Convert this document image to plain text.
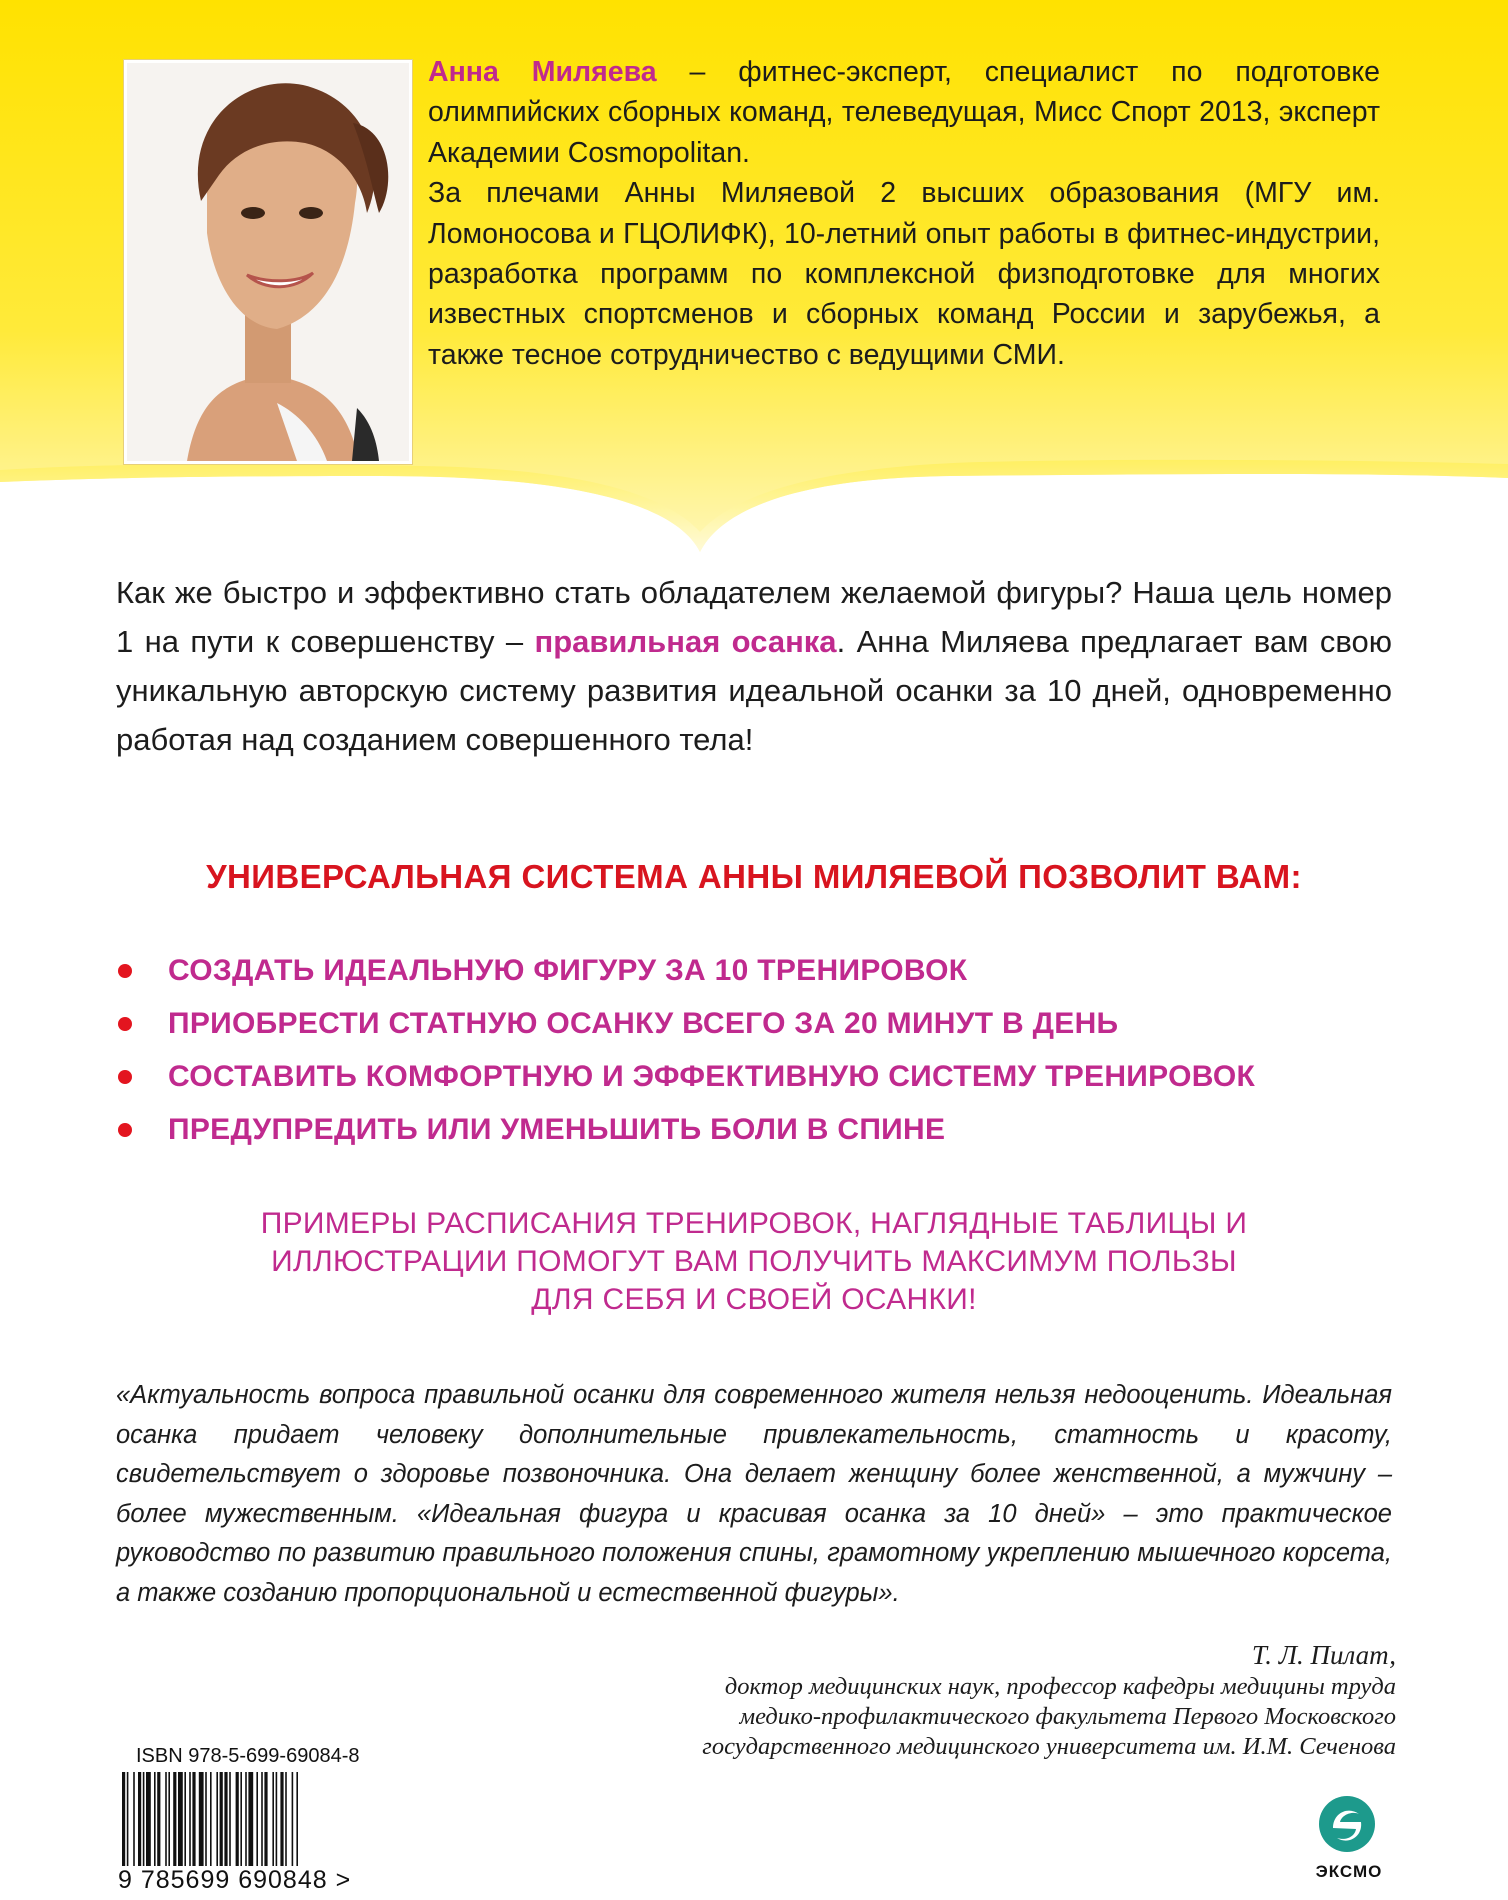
Анна Миляева – фитнес-эксперт, специалист по подготовке олимпийских сборных команд, телеведущая, Мисс Спорт 2013, эксперт Академии Cosmopolitan.

За плечами Анны Миляевой 2 высших образования (МГУ им. Ломоносова и ГЦОЛИФК), 10-летний опыт работы в фитнес-индустрии, разработка программ по комплексной физподготовке для многих известных спортсменов и сборных команд России и зарубежья, а также тесное сотрудничество с ведущими СМИ.

Как же быстро и эффективно стать обладателем желаемой фигуры? Наша цель номер 1 на пути к совершенству – правильная осанка. Анна Миляева предлагает вам свою уникальную авторскую систему развития идеальной осанки за 10 дней, одновременно работая над созданием совершенного тела!
УНИВЕРСАЛЬНАЯ СИСТЕМА АННЫ МИЛЯЕВОЙ ПОЗВОЛИТ ВАМ:
СОЗДАТЬ ИДЕАЛЬНУЮ ФИГУРУ ЗА 10 ТРЕНИРОВОК
ПРИОБРЕСТИ СТАТНУЮ ОСАНКУ ВСЕГО ЗА 20 МИНУТ В ДЕНЬ
СОСТАВИТЬ КОМФОРТНУЮ И ЭФФЕКТИВНУЮ СИСТЕМУ ТРЕНИРОВОК
ПРЕДУПРЕДИТЬ ИЛИ УМЕНЬШИТЬ БОЛИ В СПИНЕ
ПРИМЕРЫ РАСПИСАНИЯ ТРЕНИРОВОК, НАГЛЯДНЫЕ ТАБЛИЦЫ И
ИЛЛЮСТРАЦИИ ПОМОГУТ ВАМ ПОЛУЧИТЬ МАКСИМУМ ПОЛЬЗЫ
ДЛЯ СЕБЯ И СВОЕЙ ОСАНКИ!

«Актуальность вопроса правильной осанки для современного жителя нельзя недооценить. Идеальная осанка придает человеку дополнительные привлекательность, статность и красоту, свидетельствует о здоровье позвоночника. Она делает женщину более женственной, а мужчину – более мужественным. «Идеальная фигура и красивая осанка за 10 дней» – это практическое руководство по развитию правильного положения спины, грамотному укреплению мышечного корсета, а также созданию пропорциональной и естественной фигуры».

Т. Л. Пилат,
доктор медицинских наук, профессор кафедры медицины труда
медико-профилактического факультета Первого Московского
государственного медицинского университета им. И.М. Сеченова
ISBN 978-5-699-69084-8
9 785699 690848 >	ЭКСМО
